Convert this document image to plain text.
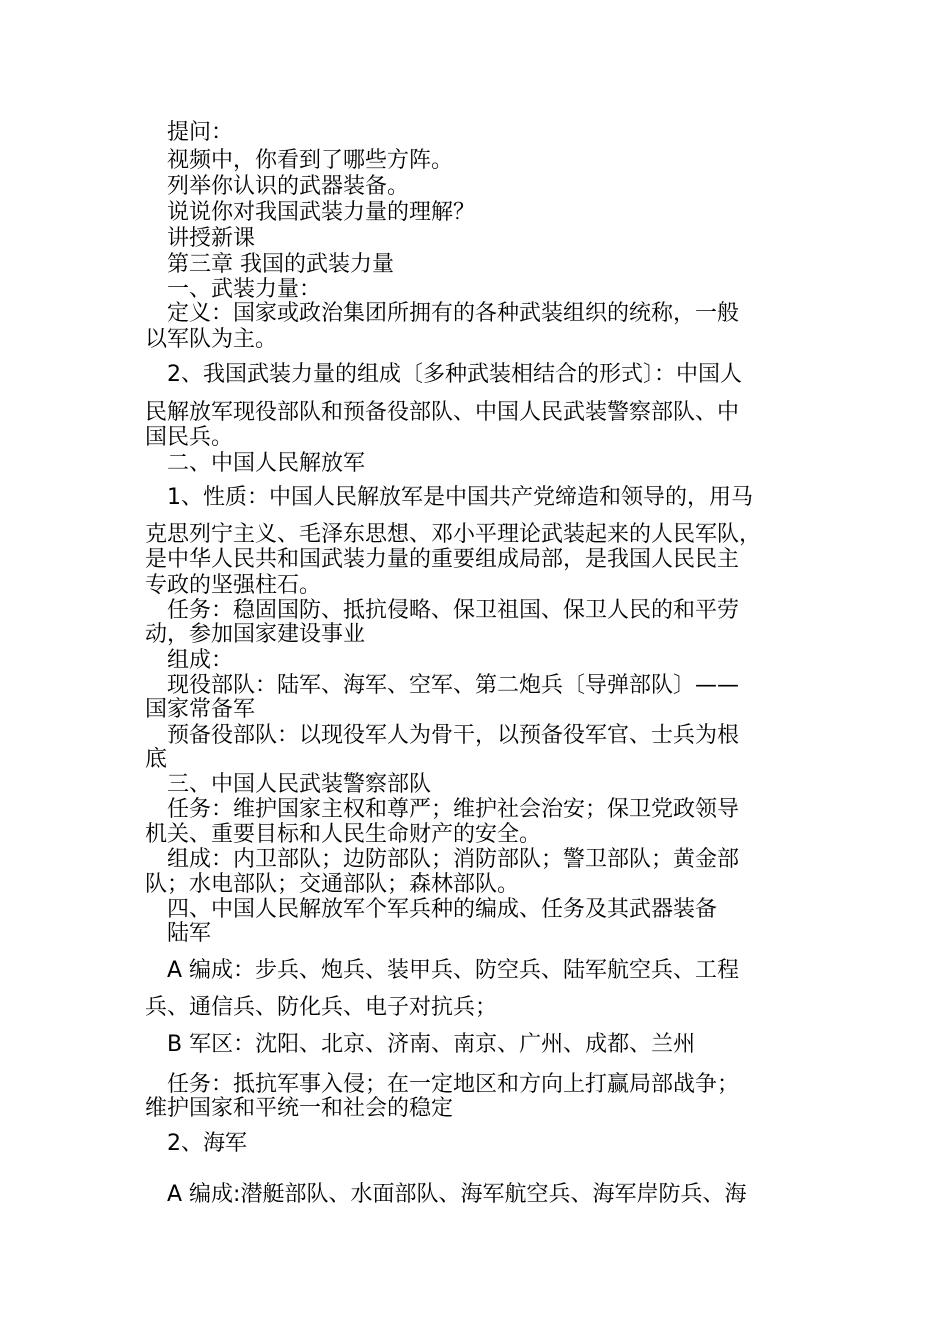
提问：
视频中，你看到了哪些方阵。
列举你认识的武器装备。
说说你对我国武装力量的理解？
讲授新课
第三章 我国的武装力量
一、武装力量：
定义：国家或政治集团所拥有的各种武装组织的统称，一般
以军队为主。
2、我国武装力量的组成〔多种武装相结合的形式〕：中国人
民解放军现役部队和预备役部队、中国人民武装警察部队、中
国民兵。
二、中国人民解放军
1、性质：中国人民解放军是中国共产党缔造和领导的，用马
克思列宁主义、毛泽东思想、邓小平理论武装起来的人民军队，
是中华人民共和国武装力量的重要组成局部，是我国人民民主
专政的坚强柱石。
任务：稳固国防、抵抗侵略、保卫祖国、保卫人民的和平劳
动，参加国家建设事业
组成：
现役部队：陆军、海军、空军、第二炮兵〔导弹部队〕——
国家常备军
预备役部队：以现役军人为骨干，以预备役军官、士兵为根
底
三、中国人民武装警察部队
任务：维护国家主权和尊严；维护社会治安；保卫党政领导
机关、重要目标和人民生命财产的安全。
组成：内卫部队；边防部队；消防部队；警卫部队；黄金部
队；水电部队；交通部队；森林部队。
四、中国人民解放军个军兵种的编成、任务及其武器装备
陆军
A 编成：步兵、炮兵、装甲兵、防空兵、陆军航空兵、工程
兵、通信兵、防化兵、电子对抗兵；
B 军区：沈阳、北京、济南、南京、广州、成都、兰州
任务：抵抗军事入侵；在一定地区和方向上打赢局部战争；
维护国家和平统一和社会的稳定
2、海军
A 编成:潜艇部队、水面部队、海军航空兵、海军岸防兵、海
